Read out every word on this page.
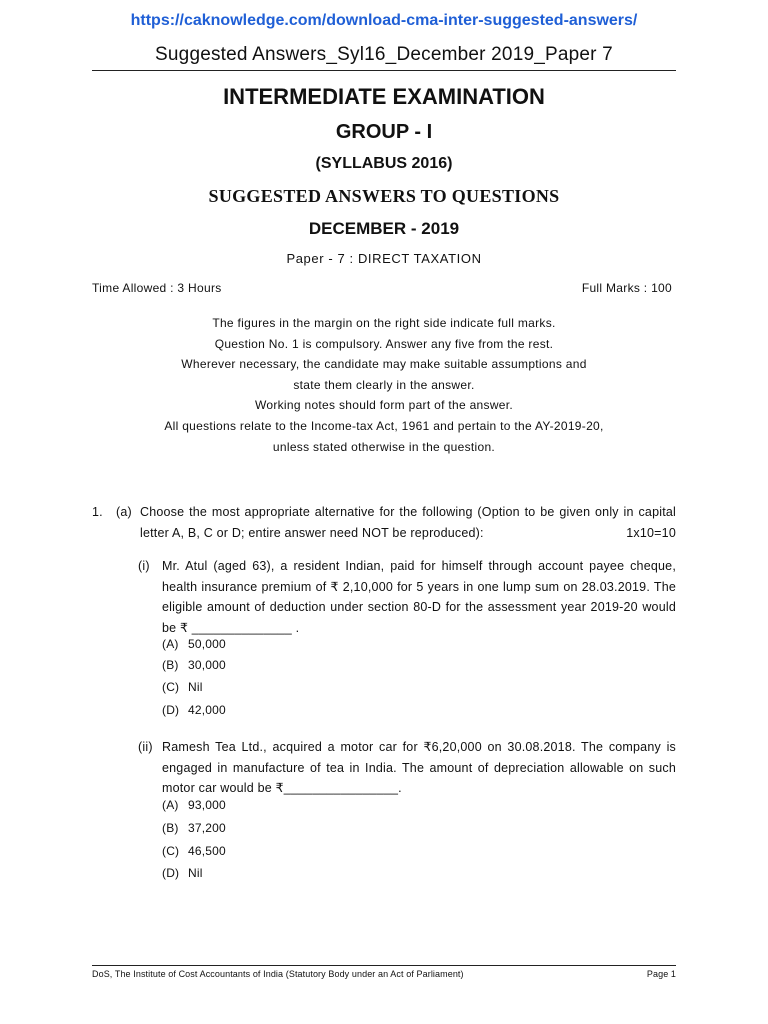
https://caknowledge.com/download-cma-inter-suggested-answers/
Suggested Answers_Syl16_December 2019_Paper 7
INTERMEDIATE EXAMINATION
GROUP - I
(SYLLABUS 2016)
SUGGESTED ANSWERS TO QUESTIONS
DECEMBER - 2019
Paper - 7 : DIRECT TAXATION
Time Allowed : 3 Hours	Full Marks : 100
The figures in the margin on the right side indicate full marks.
Question No. 1 is compulsory. Answer any five from the rest.
Wherever necessary, the candidate may make suitable assumptions and
state them clearly in the answer.
Working notes should form part of the answer.
All questions relate to the Income-tax Act, 1961 and pertain to the AY-2019-20,
unless stated otherwise in the question.
1. (a) Choose the most appropriate alternative for the following (Option to be given only in capital letter A, B, C or D; entire answer need NOT be reproduced):	1x10=10
(i) Mr. Atul (aged 63), a resident Indian, paid for himself through account payee cheque, health insurance premium of ₹ 2,10,000 for 5 years in one lump sum on 28.03.2019. The eligible amount of deduction under section 80-D for the assessment year 2019-20 would be ₹ ______________ .
(A) 50,000
(B) 30,000
(C) Nil
(D) 42,000
(ii) Ramesh Tea Ltd., acquired a motor car for ₹6,20,000 on 30.08.2018. The company is engaged in manufacture of tea in India. The amount of depreciation allowable on such motor car would be ₹________________.
(A) 93,000
(B) 37,200
(C) 46,500
(D) Nil
DoS, The Institute of Cost Accountants of India (Statutory Body under an Act of Parliament)	Page 1
